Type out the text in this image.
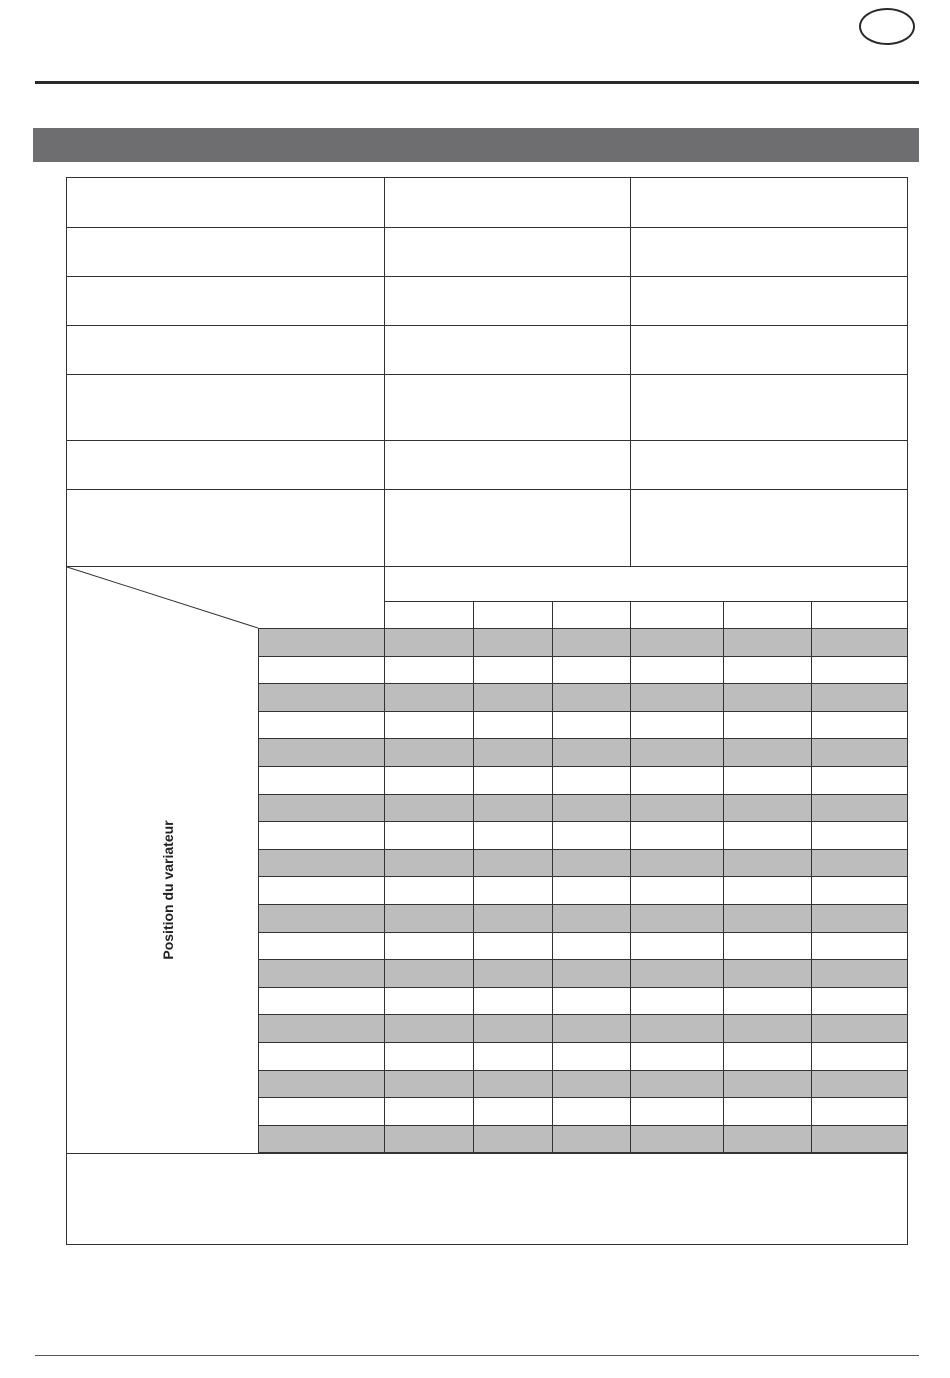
Position du variateur
